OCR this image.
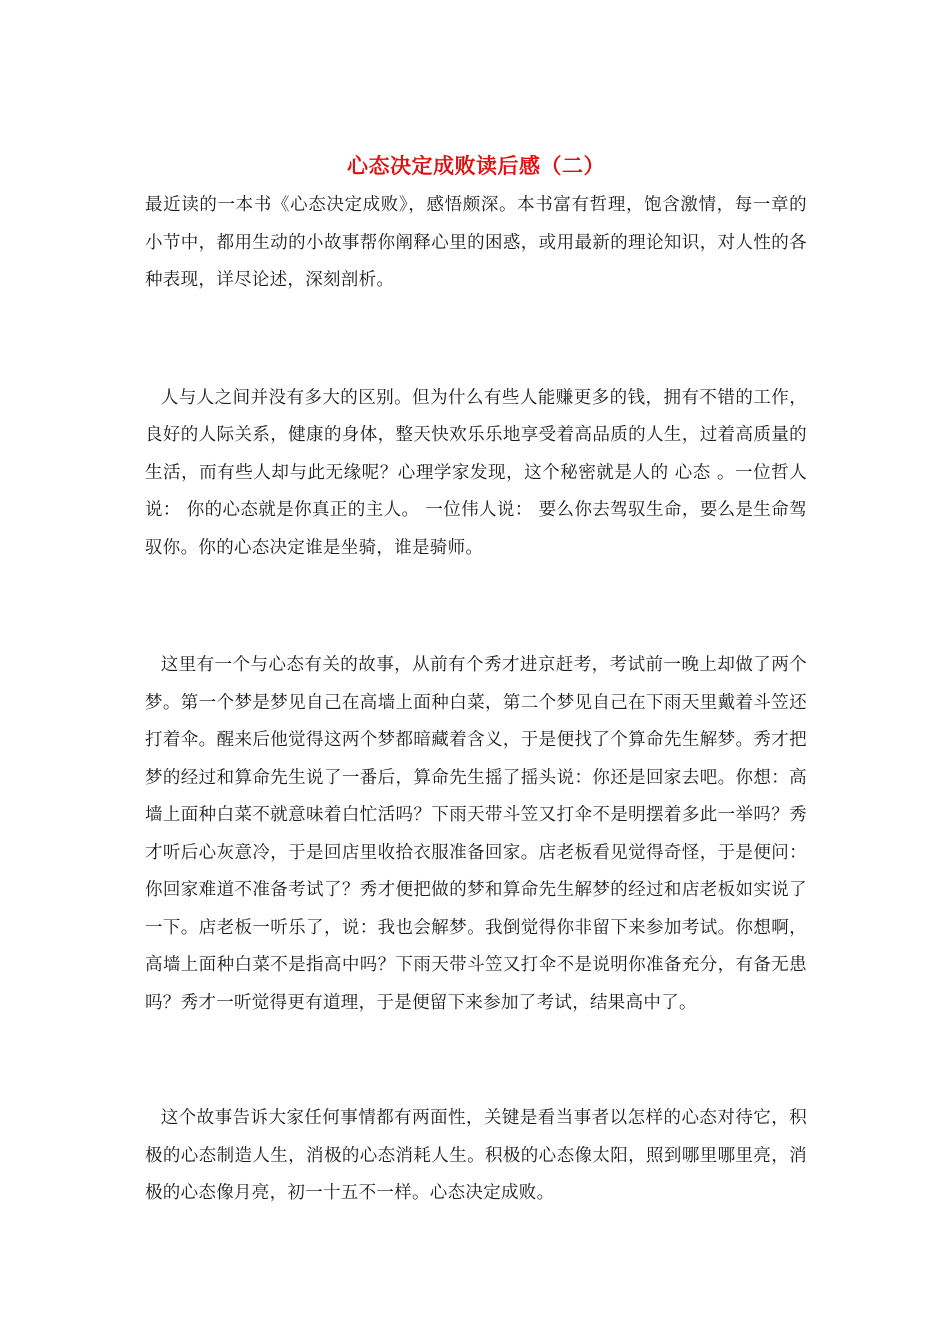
心态决定成败读后感（二）

最近读的一本书《心态决定成败》，感悟颇深。本书富有哲理，饱含激情，每一章的小节中，都用生动的小故事帮你阐释心里的困惑，或用最新的理论知识，对人性的各种表现，详尽论述，深刻剖析。

人与人之间并没有多大的区别。但为什么有些人能赚更多的钱，拥有不错的工作，良好的人际关系，健康的身体，整天快欢乐乐地享受着高品质的人生，过着高质量的生活，而有些人却与此无缘呢？心理学家发现，这个秘密就是人的 心态 。一位哲人说： 你的心态就是你真正的主人。 一位伟人说： 要么你去驾驭生命，要么是生命驾驭你。你的心态决定谁是坐骑，谁是骑师。

这里有一个与心态有关的故事，从前有个秀才进京赶考，考试前一晚上却做了两个梦。第一个梦是梦见自己在高墙上面种白菜，第二个梦见自己在下雨天里戴着斗笠还打着伞。醒来后他觉得这两个梦都暗藏着含义，于是便找了个算命先生解梦。秀才把梦的经过和算命先生说了一番后，算命先生摇了摇头说：你还是回家去吧。你想：高墙上面种白菜不就意味着白忙活吗？下雨天带斗笠又打伞不是明摆着多此一举吗？秀才听后心灰意冷，于是回店里收拾衣服准备回家。店老板看见觉得奇怪，于是便问：你回家难道不准备考试了？秀才便把做的梦和算命先生解梦的经过和店老板如实说了一下。店老板一听乐了，说：我也会解梦。我倒觉得你非留下来参加考试。你想啊，高墙上面种白菜不是指高中吗？下雨天带斗笠又打伞不是说明你准备充分，有备无患吗？秀才一听觉得更有道理，于是便留下来参加了考试，结果高中了。

这个故事告诉大家任何事情都有两面性，关键是看当事者以怎样的心态对待它，积极的心态制造人生，消极的心态消耗人生。积极的心态像太阳，照到哪里哪里亮，消极的心态像月亮，初一十五不一样。心态决定成败。
